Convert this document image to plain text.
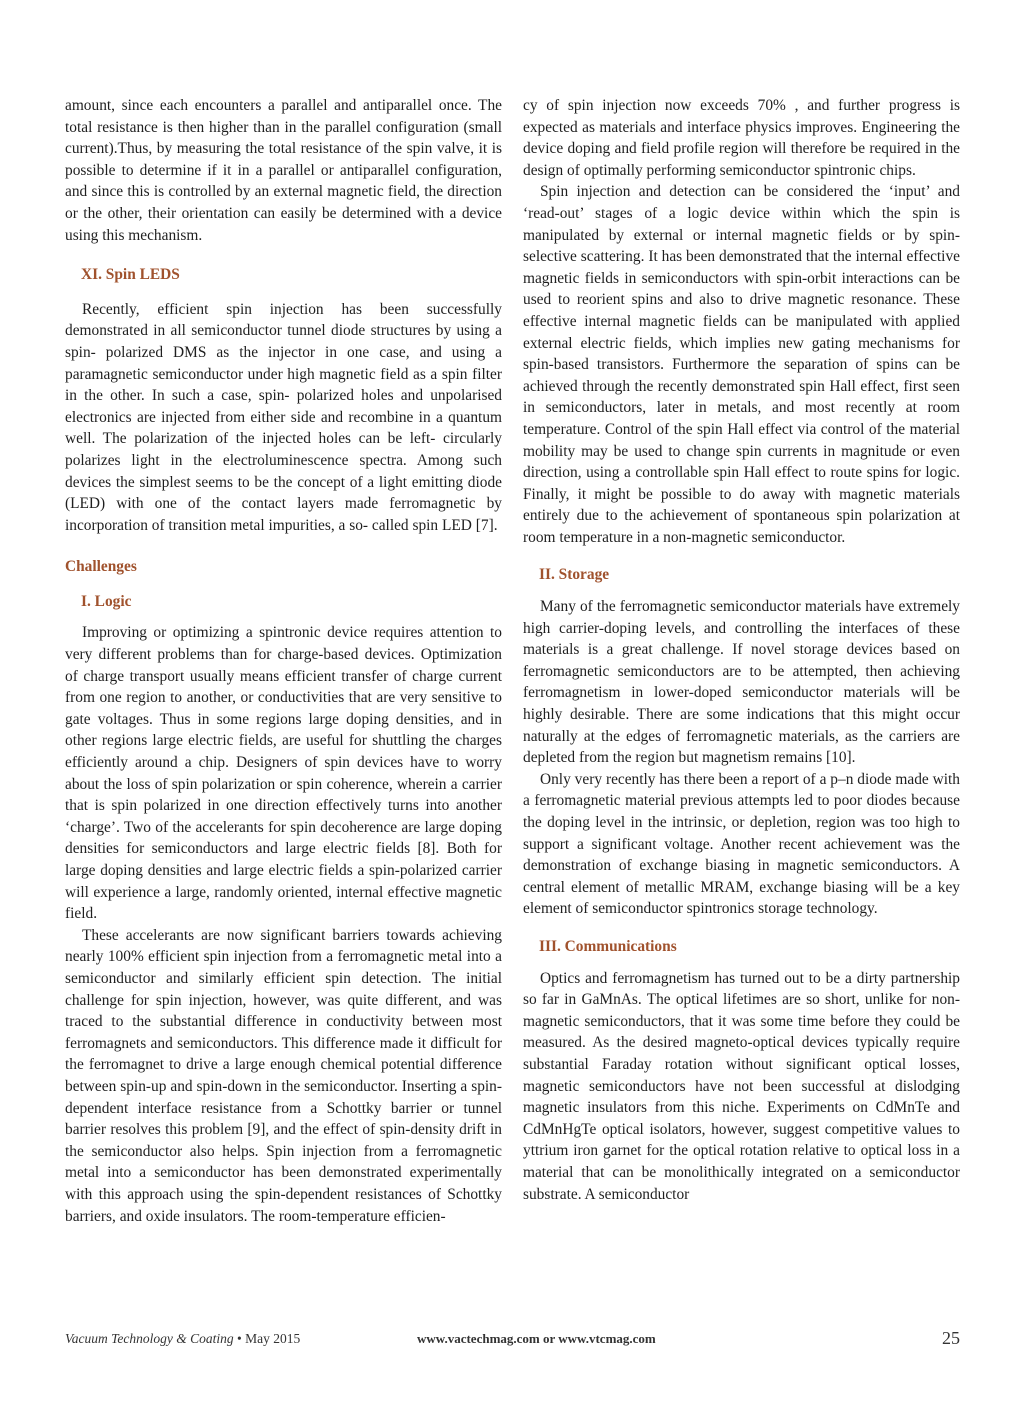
amount, since each encounters a parallel and antiparallel once. The total resistance is then higher than in the parallel configuration (small current).Thus, by measuring the total resistance of the spin valve, it is possible to determine if it in a parallel or antiparallel configuration, and since this is controlled by an external magnetic field, the direction or the other, their orientation can easily be determined with a device using this mechanism.

XI. Spin LEDS

Recently, efficient spin injection has been successfully demonstrated in all semiconductor tunnel diode structures by using a spin- polarized DMS as the injector in one case, and using a paramagnetic semiconductor under high magnetic field as a spin filter in the other. In such a case, spin- polarized holes and unpolarised electronics are injected from either side and recombine in a quantum well. The polarization of the injected holes can be left- circularly polarizes light in the electroluminescence spectra. Among such devices the simplest seems to be the concept of a light emitting diode (LED) with one of the contact layers made ferromagnetic by incorporation of transition metal impurities, a so- called spin LED [7].

Challenges
I. Logic

Improving or optimizing a spintronic device requires attention to very different problems than for charge-based devices. Optimization of charge transport usually means efficient transfer of charge current from one region to another, or conductivities that are very sensitive to gate voltages. Thus in some regions large doping densities, and in other regions large electric fields, are useful for shuttling the charges efficiently around a chip. Designers of spin devices have to worry about the loss of spin polarization or spin coherence, wherein a carrier that is spin polarized in one direction effectively turns into another ‘charge’. Two of the accelerants for spin decoherence are large doping densities for semiconductors and large electric fields [8]. Both for large doping densities and large electric fields a spin-polarized carrier will experience a large, randomly oriented, internal effective magnetic field.

These accelerants are now significant barriers towards achieving nearly 100% efficient spin injection from a ferromagnetic metal into a semiconductor and similarly efficient spin detection. The initial challenge for spin injection, however, was quite different, and was traced to the substantial difference in conductivity between most ferromagnets and semiconductors. This difference made it difficult for the ferromagnet to drive a large enough chemical potential difference between spin-up and spin-down in the semiconductor. Inserting a spin-dependent interface resistance from a Schottky barrier or tunnel barrier resolves this problem [9], and the effect of spin-density drift in the semiconductor also helps. Spin injection from a ferromagnetic metal into a semiconductor has been demonstrated experimentally with this approach using the spin-dependent resistances of Schottky barriers, and oxide insulators. The room-temperature efficien-

cy of spin injection now exceeds 70% , and further progress is expected as materials and interface physics improves. Engineering the device doping and field profile region will therefore be required in the design of optimally performing semiconductor spintronic chips.

Spin injection and detection can be considered the ‘input’ and ‘read-out’ stages of a logic device within which the spin is manipulated by external or internal magnetic fields or by spin-selective scattering. It has been demonstrated that the internal effective magnetic fields in semiconductors with spin-orbit interactions can be used to reorient spins and also to drive magnetic resonance. These effective internal magnetic fields can be manipulated with applied external electric fields, which implies new gating mechanisms for spin-based transistors. Furthermore the separation of spins can be achieved through the recently demonstrated spin Hall effect, first seen in semiconductors, later in metals, and most recently at room temperature. Control of the spin Hall effect via control of the material mobility may be used to change spin currents in magnitude or even direction, using a controllable spin Hall effect to route spins for logic. Finally, it might be possible to do away with magnetic materials entirely due to the achievement of spontaneous spin polarization at room temperature in a non-magnetic semiconductor.

II. Storage

Many of the ferromagnetic semiconductor materials have extremely high carrier-doping levels, and controlling the interfaces of these materials is a great challenge. If novel storage devices based on ferromagnetic semiconductors are to be attempted, then achieving ferromagnetism in lower-doped semiconductor materials will be highly desirable. There are some indications that this might occur naturally at the edges of ferromagnetic materials, as the carriers are depleted from the region but magnetism remains [10].

Only very recently has there been a report of a p–n diode made with a ferromagnetic material previous attempts led to poor diodes because the doping level in the intrinsic, or depletion, region was too high to support a significant voltage. Another recent achievement was the demonstration of exchange biasing in magnetic semiconductors. A central element of metallic MRAM, exchange biasing will be a key element of semiconductor spintronics storage technology.

III. Communications

Optics and ferromagnetism has turned out to be a dirty partnership so far in GaMnAs. The optical lifetimes are so short, unlike for non-magnetic semiconductors, that it was some time before they could be measured. As the desired magneto-optical devices typically require substantial Faraday rotation without significant optical losses, magnetic semiconductors have not been successful at dislodging magnetic insulators from this niche. Experiments on CdMnTe and CdMnHgTe optical isolators, however, suggest competitive values to yttrium iron garnet for the optical rotation relative to optical loss in a material that can be monolithically integrated on a semiconductor substrate. A semiconductor

Vacuum Technology & Coating • May 2015	www.vactechmag.com or www.vtcmag.com	25
